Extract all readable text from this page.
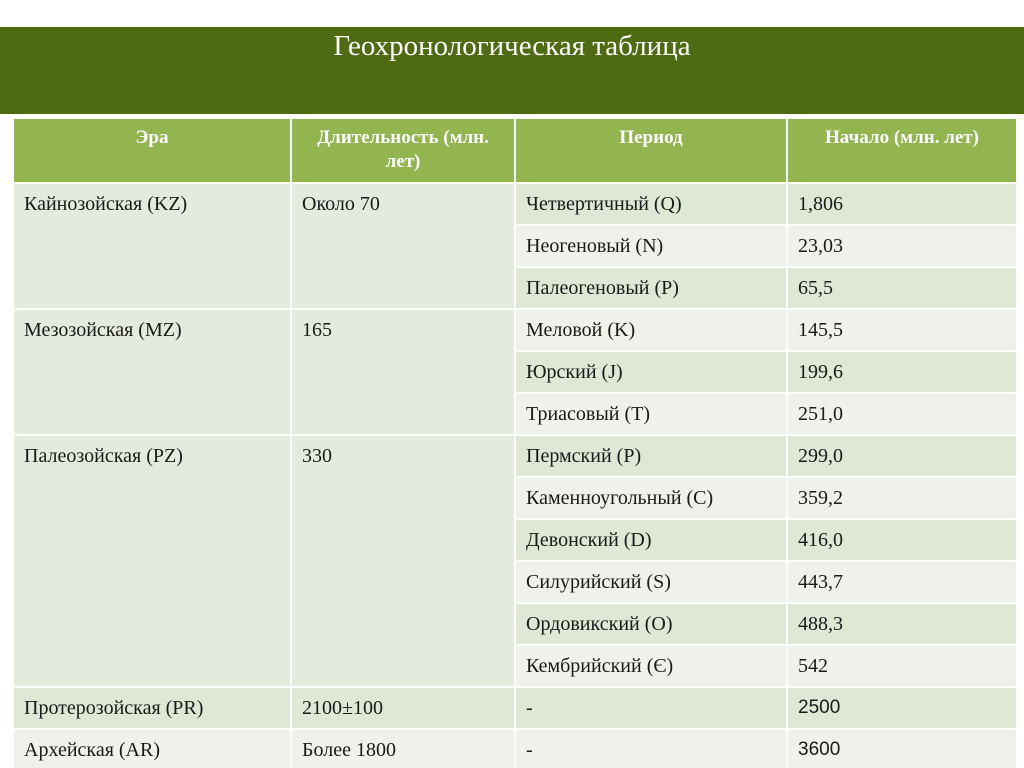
Геохронологическая таблица
Эра	Длительность (млн. лет)	Период	Начало (млн. лет)
Кайнозойская (KZ)	Около 70	Четвертичный (Q)	1,806
		Неогеновый (N)	23,03
		Палеогеновый (P)	65,5
Мезозойская (MZ)	165	Меловой (K)	145,5
		Юрский (J)	199,6
		Триасовый (T)	251,0
Палеозойская (PZ)	330	Пермский (P)	299,0
		Каменноугольный (C)	359,2
		Девонский (D)	416,0
		Силурийский (S)	443,7
		Ордовикский (O)	488,3
		Кембрийский (Є)	542
Протерозойская (PR)	2100±100	-	2500
Архейская (AR)	Более 1800	-	3600
